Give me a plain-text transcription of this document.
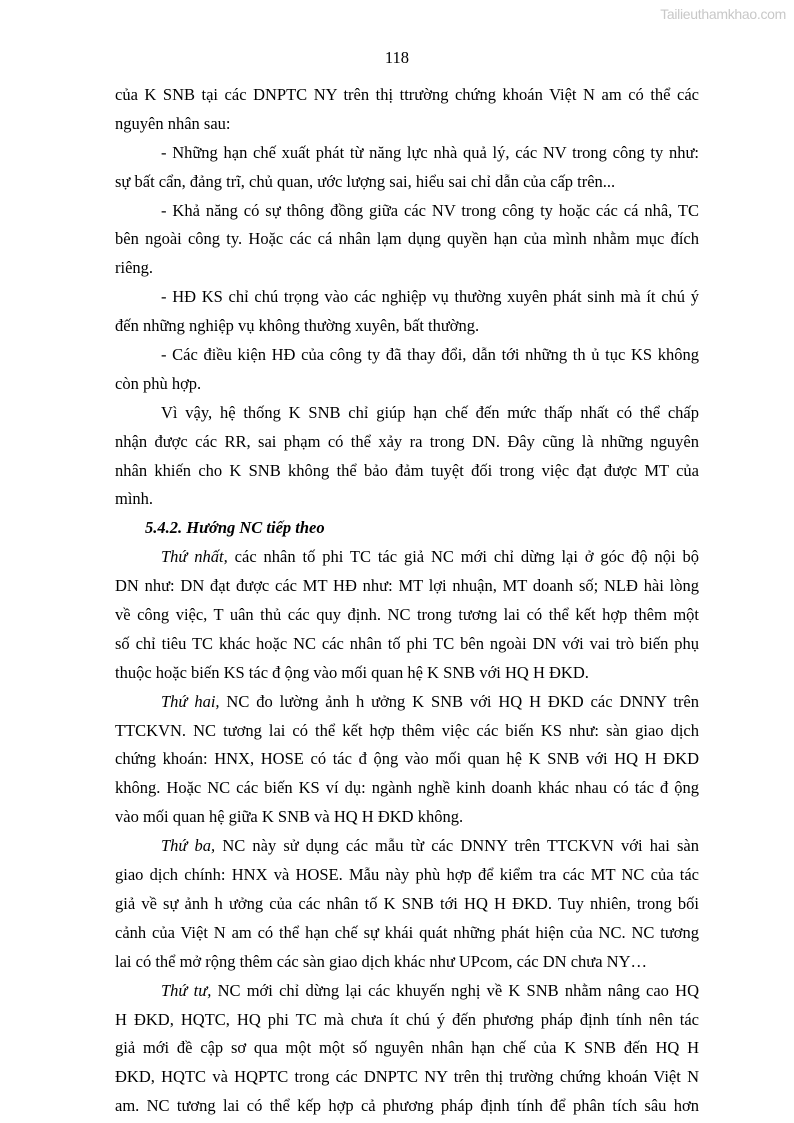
Tailieuthamkhao.com
118
của K SNB tại các DNPTC NY trên thị ttrường chứng khoán Việt N am có thể các
nguyên nhân sau:
- Những hạn chế xuất phát từ năng lực nhà quả lý, các NV trong công ty như:
sự bất cẩn, đảng trĩ, chủ quan, ước lượng sai, hiểu sai chỉ dẫn của cấp trên...
- Khả năng có sự thông đồng giữa các NV trong công ty hoặc các cá nhâ, TC
bên ngoài công ty. Hoặc các cá nhân lạm dụng quyền hạn của mình nhằm mục đích
riêng.
- HĐ KS chỉ chú trọng vào các nghiệp vụ thường xuyên phát sinh mà ít chú ý
đến những nghiệp vụ không thường xuyên, bất thường.
- Các điều kiện HĐ của công ty đã thay đổi, dẫn tới những th ủ tục KS không
còn phù hợp.
Vì vậy, hệ thống K SNB chỉ giúp hạn chế đến mức thấp nhất có thể chấp
nhận được các RR, sai phạm có thể xảy ra trong DN. Đây cũng là những nguyên
nhân khiến cho K SNB không thể bảo đảm tuyệt đối trong việc đạt được MT của
mình.
5.4.2. Hướng NC tiếp theo
Thứ nhất, các nhân tố phi TC tác giả NC mới chỉ dừng lại ở góc độ nội bộ
DN như: DN đạt được các MT HĐ như: MT lợi nhuận, MT doanh số; NLĐ hài lòng
về công việc, T uân thủ các quy định. NC trong tương lai có thể kết hợp thêm một
số chỉ tiêu TC khác hoặc NC các nhân tố phi TC bên ngoài DN với vai trò biến phụ
thuộc hoặc biến KS tác đ ộng vào mối quan hệ K SNB với HQ H ĐKD.
Thứ hai, NC đo lường ảnh h ưởng K SNB với HQ H ĐKD các DNNY trên
TTCKVN. NC tương lai có thể kết hợp thêm việc các biến KS như: sàn giao dịch
chứng khoán: HNX, HOSE có tác đ ộng vào mối quan hệ K SNB với HQ H ĐKD
không. Hoặc NC các biến KS ví dụ: ngành nghề kinh doanh khác nhau có tác đ ộng
vào mối quan hệ giữa K SNB và HQ H ĐKD không.
Thứ ba, NC này sử dụng các mẫu từ các DNNY trên TTCKVN với hai sàn
giao dịch chính: HNX và HOSE. Mẫu này phù hợp để kiểm tra các MT NC của tác
giả về sự ảnh h ưởng của các nhân tố K SNB tới HQ H ĐKD. Tuy nhiên, trong bối
cảnh của Việt N am có thể hạn chế sự khái quát những phát hiện của NC. NC tương
lai có thể mở rộng thêm các sàn giao dịch khác như UPcom, các DN chưa NY…
Thứ tư, NC mới chỉ dừng lại các khuyến nghị về K SNB nhằm nâng cao HQ
H ĐKD, HQTC, HQ phi TC mà chưa ít chú ý đến phương pháp định tính nên tác
giả mới đề cập sơ qua một một số nguyên nhân hạn chế của K SNB đến HQ H
ĐKD, HQTC và HQPTC trong các DNPTC NY trên thị trường chứng khoán Việt N
am. NC tương lai có thể kếp hợp cả phương pháp định tính để phân tích sâu hơn
